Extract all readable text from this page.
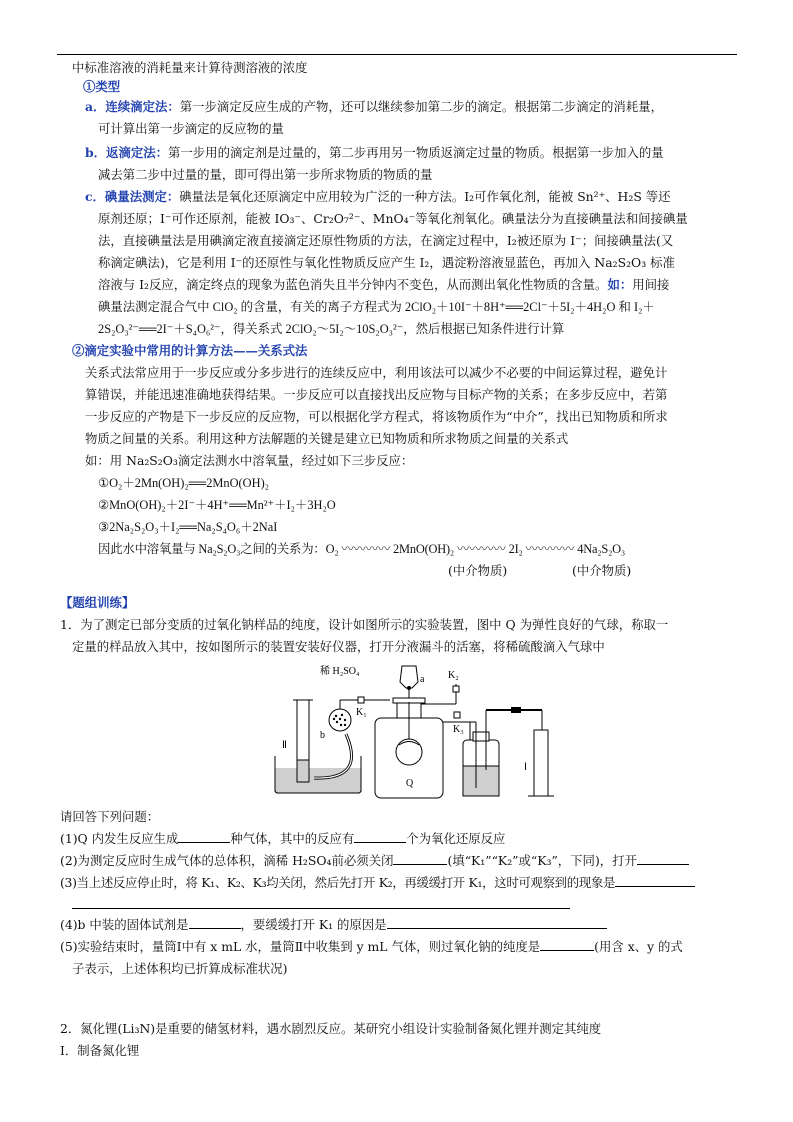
中标准溶液的消耗量来计算待测溶液的浓度
①类型
a．连续滴定法：第一步滴定反应生成的产物，还可以继续参加第二步的滴定。根据第二步滴定的消耗量，
可计算出第一步滴定的反应物的量
b．返滴定法：第一步用的滴定剂是过量的，第二步再用另一物质返滴定过量的物质。根据第一步加入的量
减去第二步中过量的量，即可得出第一步所求物质的物质的量
c．碘量法测定：碘量法是氧化还原滴定中应用较为广泛的一种方法。I₂可作氧化剂，能被 Sn²⁺、H₂S 等还
原剂还原；I⁻可作还原剂，能被 IO₃⁻、Cr₂O₇²⁻、MnO₄⁻等氧化剂氧化。碘量法分为直接碘量法和间接碘量
法，直接碘量法是用碘滴定液直接滴定还原性物质的方法，在滴定过程中，I₂被还原为 I⁻；间接碘量法(又
称滴定碘法)，它是利用 I⁻的还原性与氧化性物质反应产生 I₂，遇淀粉溶液显蓝色，再加入 Na₂S₂O₃ 标准
溶液与 I₂反应，滴定终点的现象为蓝色消失且半分钟内不变色，从而测出氧化性物质的含量。如：用间接
碘量法测定混合气中 ClO₂ 的含量，有关的离子方程式为 2ClO₂＋10I⁻＋8H⁺══2Cl⁻＋5I₂＋4H₂O 和 I₂＋
2S₂O₃²⁻══2I⁻＋S₄O₆²⁻，得关系式 2ClO₂～5I₂～10S₂O₃²⁻，然后根据已知条件进行计算
②滴定实验中常用的计算方法——关系式法
关系式法常应用于一步反应或分多步进行的连续反应中，利用该法可以减少不必要的中间运算过程，避免计
算错误，并能迅速准确地获得结果。一步反应可以直接找出反应物与目标产物的关系；在多步反应中，若第
一步反应的产物是下一步反应的反应物，可以根据化学方程式，将该物质作为“中介”，找出已知物质和所求
物质之间量的关系。利用这种方法解题的关键是建立已知物质和所求物质之间量的关系式
如：用 Na₂S₂O₃滴定法测水中溶氧量，经过如下三步反应：
①O₂＋2Mn(OH)₂══2MnO(OH)₂
②MnO(OH)₂＋2I⁻＋4H⁺══Mn²⁺＋I₂＋3H₂O
③2Na₂S₂O₃＋I₂══Na₂S₄O₆＋2NaI
因此水中溶氧量与 Na₂S₂O₃之间的关系为：O₂ 〰〰〰〰 2MnO(OH)₂ 〰〰〰〰 2I₂ 〰〰〰〰 4Na₂S₂O₃
(中介物质)	(中介物质)
【题组训练】
1．为了测定已部分变质的过氧化钠样品的纯度，设计如图所示的实验装置，图中 Q 为弹性良好的气球，称取一
定量的样品放入其中，按如图所示的装置安装好仪器，打开分液漏斗的活塞，将稀硫酸滴入气球中
稀 H₂SO₄
a K₂
K₁
K₃
b
Q
Ⅱ
Ⅰ
请回答下列问题：
(1)Q 内发生反应生成	种气体，其中的反应有	个为氧化还原反应
(2)为测定反应时生成气体的总体积，滴稀 H₂SO₄前必须关闭	(填“K₁”“K₂”或“K₃”，下同)，打开
(3)当上述反应停止时，将 K₁、K₂、K₃均关闭，然后先打开 K₂，再缓缓打开 K₁，这时可观察到的现象是
(4)b 中装的固体试剂是	，要缓缓打开 K₁ 的原因是
(5)实验结束时，量筒Ⅰ中有 x mL 水，量筒Ⅱ中收集到 y mL 气体，则过氧化钠的纯度是	(用含 x、y 的式
子表示，上述体积均已折算成标准状况)
2．氮化锂(Li₃N)是重要的储氢材料，遇水剧烈反应。某研究小组设计实验制备氮化锂并测定其纯度
Ⅰ．制备氮化锂
